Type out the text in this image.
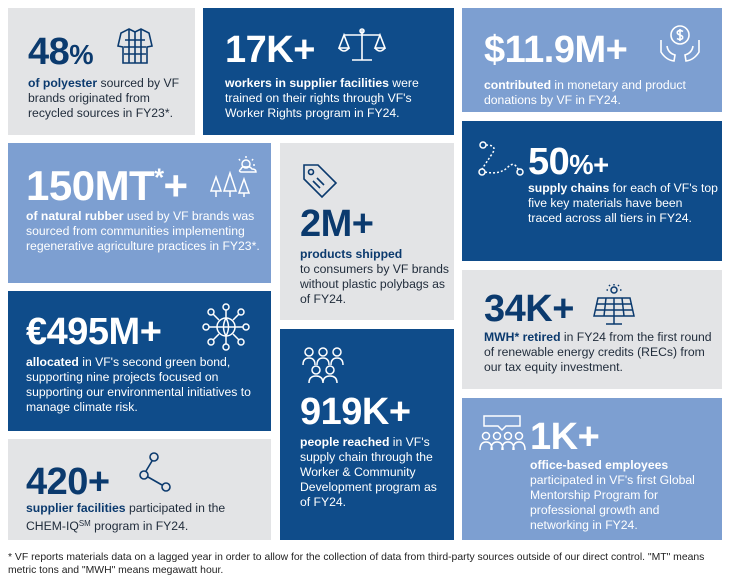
48%
of polyester sourced by VF brands originated from recycled sources in FY23*.
17K+
workers in supplier facilities were trained on their rights through VF's Worker Rights program in FY24.
$11.9M+
contributed in monetary and product donations by VF in FY24.
150MT*+
of natural rubber used by VF brands was sourced from communities implementing regenerative agriculture practices in FY23*.
2M+
products shipped
to consumers by VF brands without plastic polybags as of FY24.
50%+
supply chains for each of VF's top five key materials have been traced across all tiers in FY24.
€495M+
allocated in VF's second green bond, supporting nine projects focused on supporting our environmental initiatives to manage climate risk.	919K+
people reached in VF's supply chain through the Worker & Community Development program as of FY24.
34K+
MWH* retired in FY24 from the first round of renewable energy credits (RECs) from our tax equity investment.
420+
supplier facilities participated in the CHEM-IQ℠ program in FY24.
1K+
office-based employees participated in VF's first Global Mentorship Program for professional growth and networking in FY24.
* VF reports materials data on a lagged year in order to allow for the collection of data from third-party sources outside of our direct control. "MT" means metric tons and "MWH" means megawatt hour.
